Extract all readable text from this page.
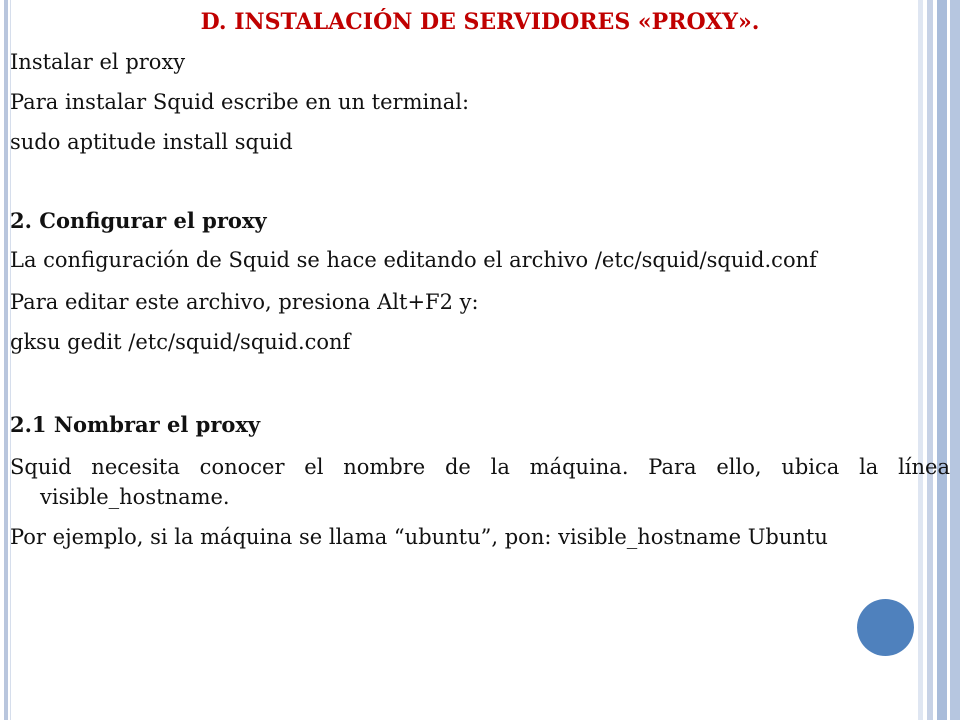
D. INSTALACIÓN DE SERVIDORES «PROXY».

Instalar el proxy

Para instalar Squid escribe en un terminal:

sudo aptitude install squid

2. Configurar el proxy

La configuración de Squid se hace editando el archivo /etc/squid/squid.conf

Para editar este archivo, presiona Alt+F2 y:

gksu gedit /etc/squid/squid.conf

2.1 Nombrar el proxy

Squid necesita conocer el nombre de la máquina. Para ello, ubica la línea visible_hostname.

Por ejemplo, si la máquina se llama “ubuntu”, pon: visible_hostname Ubuntu
